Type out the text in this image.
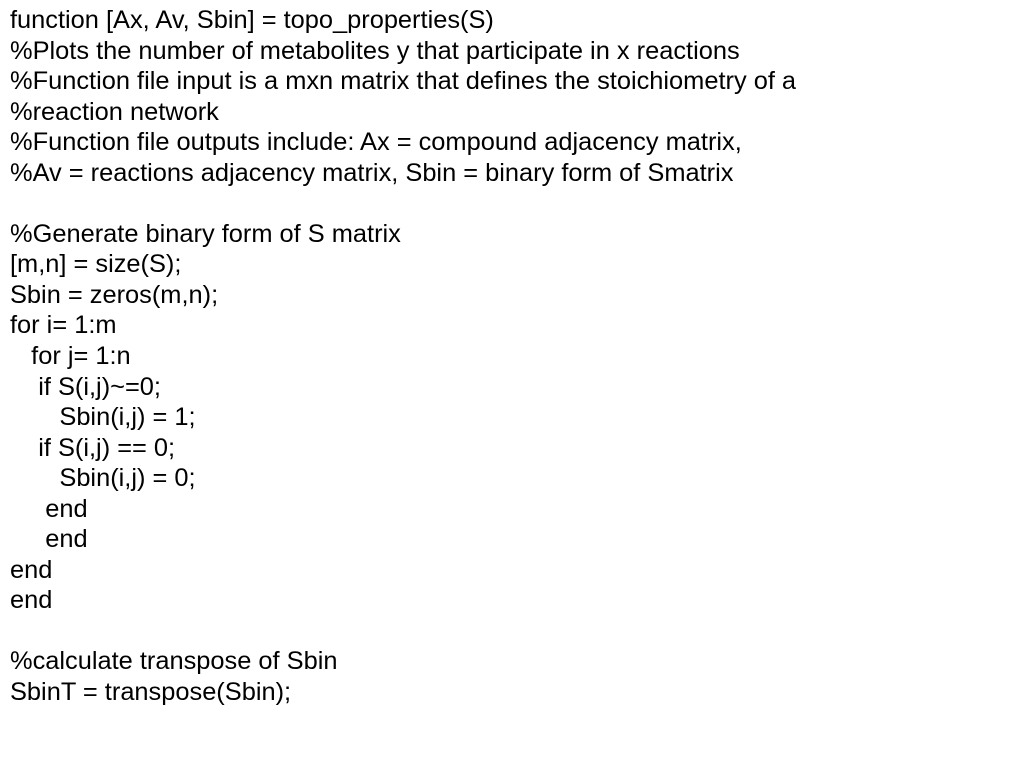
function [Ax, Av, Sbin] = topo_properties(S)
%Plots the number of metabolites y that participate in x reactions
%Function file input is a mxn matrix that defines the stoichiometry of a
%reaction network
%Function file outputs include: Ax = compound adjacency matrix,
%Av = reactions adjacency matrix, Sbin = binary form of Smatrix
%Generate binary form of S matrix
[m,n] = size(S);
Sbin = zeros(m,n);
for i= 1:m
for j= 1:n
if S(i,j)~=0;
Sbin(i,j) = 1;
if S(i,j) == 0;
Sbin(i,j) = 0;
end
end
end
end
%calculate transpose of Sbin
SbinT = transpose(Sbin);
